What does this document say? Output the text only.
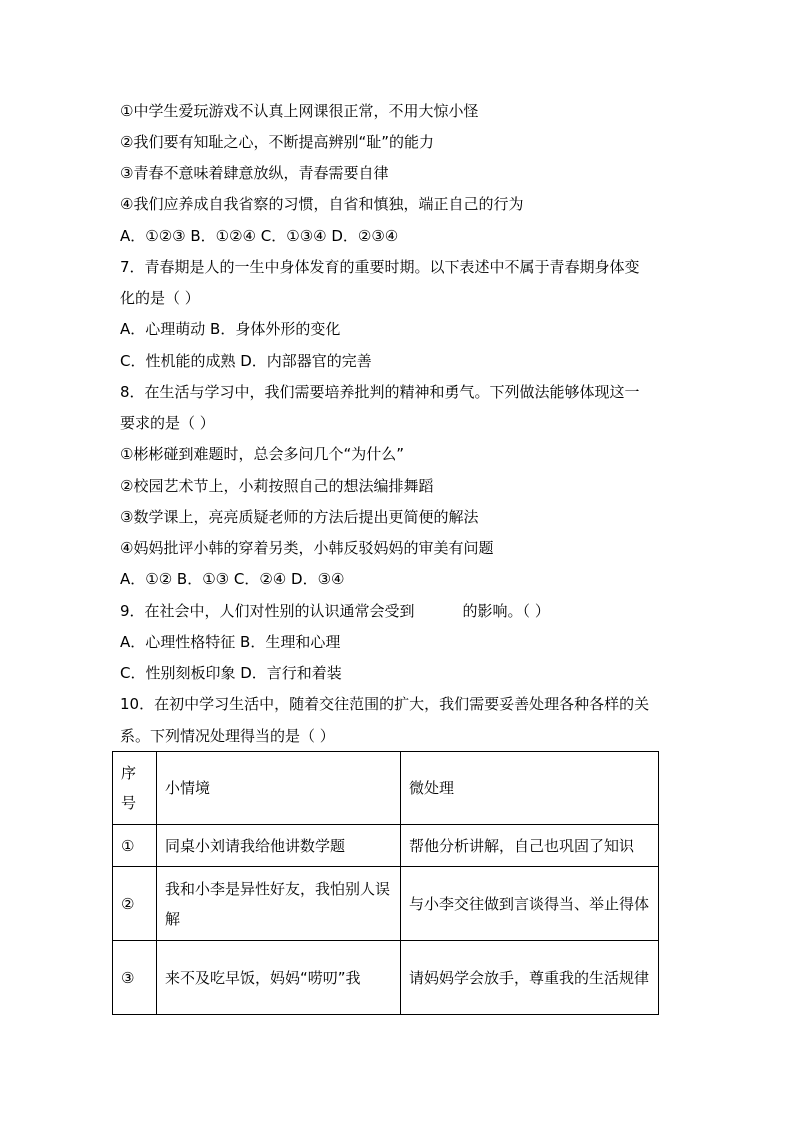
①中学生爱玩游戏不认真上网课很正常，不用大惊小怪
②我们要有知耻之心，不断提高辨别“耻”的能力
③青春不意味着肆意放纵，青春需要自律
④我们应养成自我省察的习惯，自省和慎独，端正自己的行为
A．①②③ B．①②④ C．①③④ D．②③④
7．青春期是人的一生中身体发育的重要时期。以下表述中不属于青春期身体变
化的是（ ）
A．心理萌动 B．身体外形的变化
C．性机能的成熟 D．内部器官的完善
8．在生活与学习中，我们需要培养批判的精神和勇气。下列做法能够体现这一
要求的是（ ）
①彬彬碰到难题时，总会多问几个“为什么”
②校园艺术节上，小莉按照自己的想法编排舞蹈
③数学课上，亮亮质疑老师的方法后提出更简便的解法
④妈妈批评小韩的穿着另类，小韩反驳妈妈的审美有问题
A．①② B．①③ C．②④ D．③④
9．在社会中，人们对性别的认识通常会受到	的影响。（ ）
A．心理性格特征 B．生理和心理
C．性别刻板印象 D．言行和着装
10．在初中学习生活中，随着交往范围的扩大，我们需要妥善处理各种各样的关
系。下列情况处理得当的是（ ）
序号	小情境	微处理
①	同桌小刘请我给他讲数学题	帮他分析讲解，自己也巩固了知识
②	我和小李是异性好友，我怕别人误解	与小李交往做到言谈得当、举止得体
③	来不及吃早饭，妈妈“唠叨”我	请妈妈学会放手，尊重我的生活规律
